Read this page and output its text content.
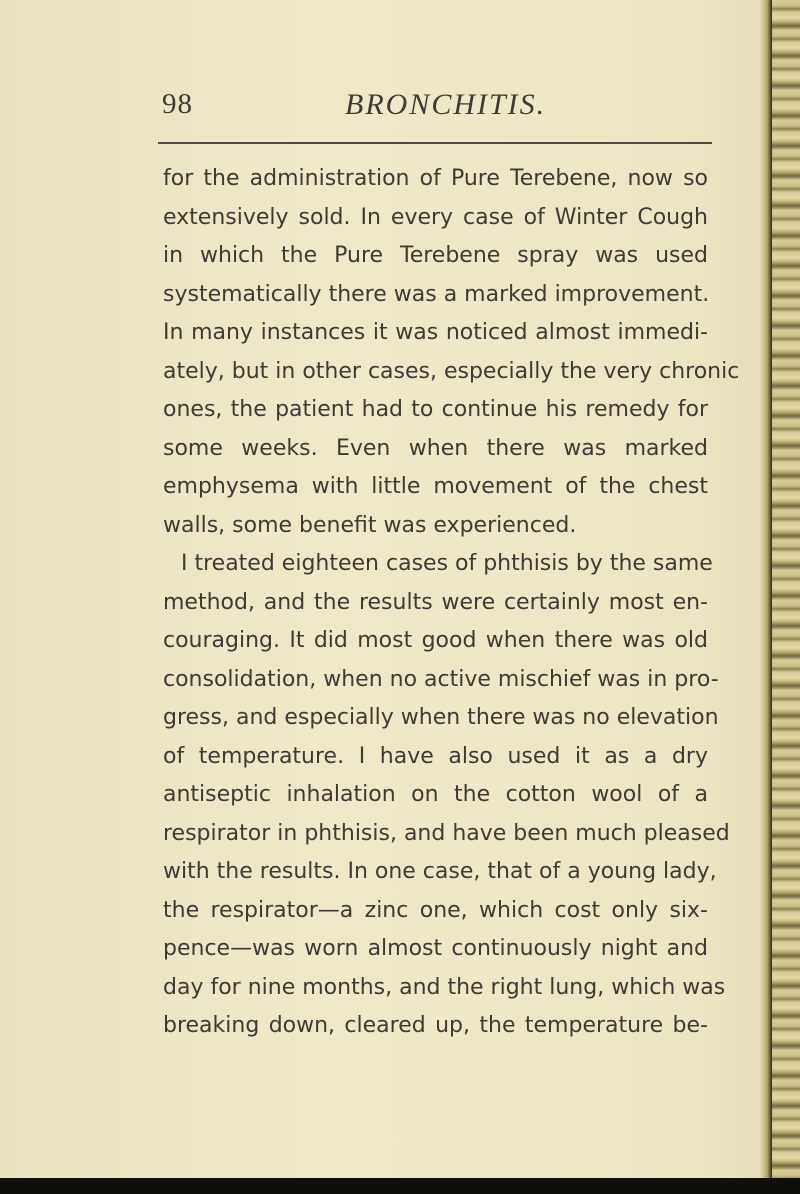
98	BRONCHITIS.
for the administration of Pure Terebene, now so
extensively sold. In every case of Winter Cough
in which the Pure Terebene spray was used
systematically there was a marked improvement.
In many instances it was noticed almost immedi-
ately, but in other cases, especially the very chronic
ones, the patient had to continue his remedy for
some weeks. Even when there was marked
emphysema with little movement of the chest
walls, some benefit was experienced.
I treated eighteen cases of phthisis by the same
method, and the results were certainly most en-
couraging. It did most good when there was old
consolidation, when no active mischief was in pro-
gress, and especially when there was no elevation
of temperature. I have also used it as a dry
antiseptic inhalation on the cotton wool of a
respirator in phthisis, and have been much pleased
with the results. In one case, that of a young lady,
the respirator—a zinc one, which cost only six-
pence—was worn almost continuously night and
day for nine months, and the right lung, which was
breaking down, cleared up, the temperature be-
